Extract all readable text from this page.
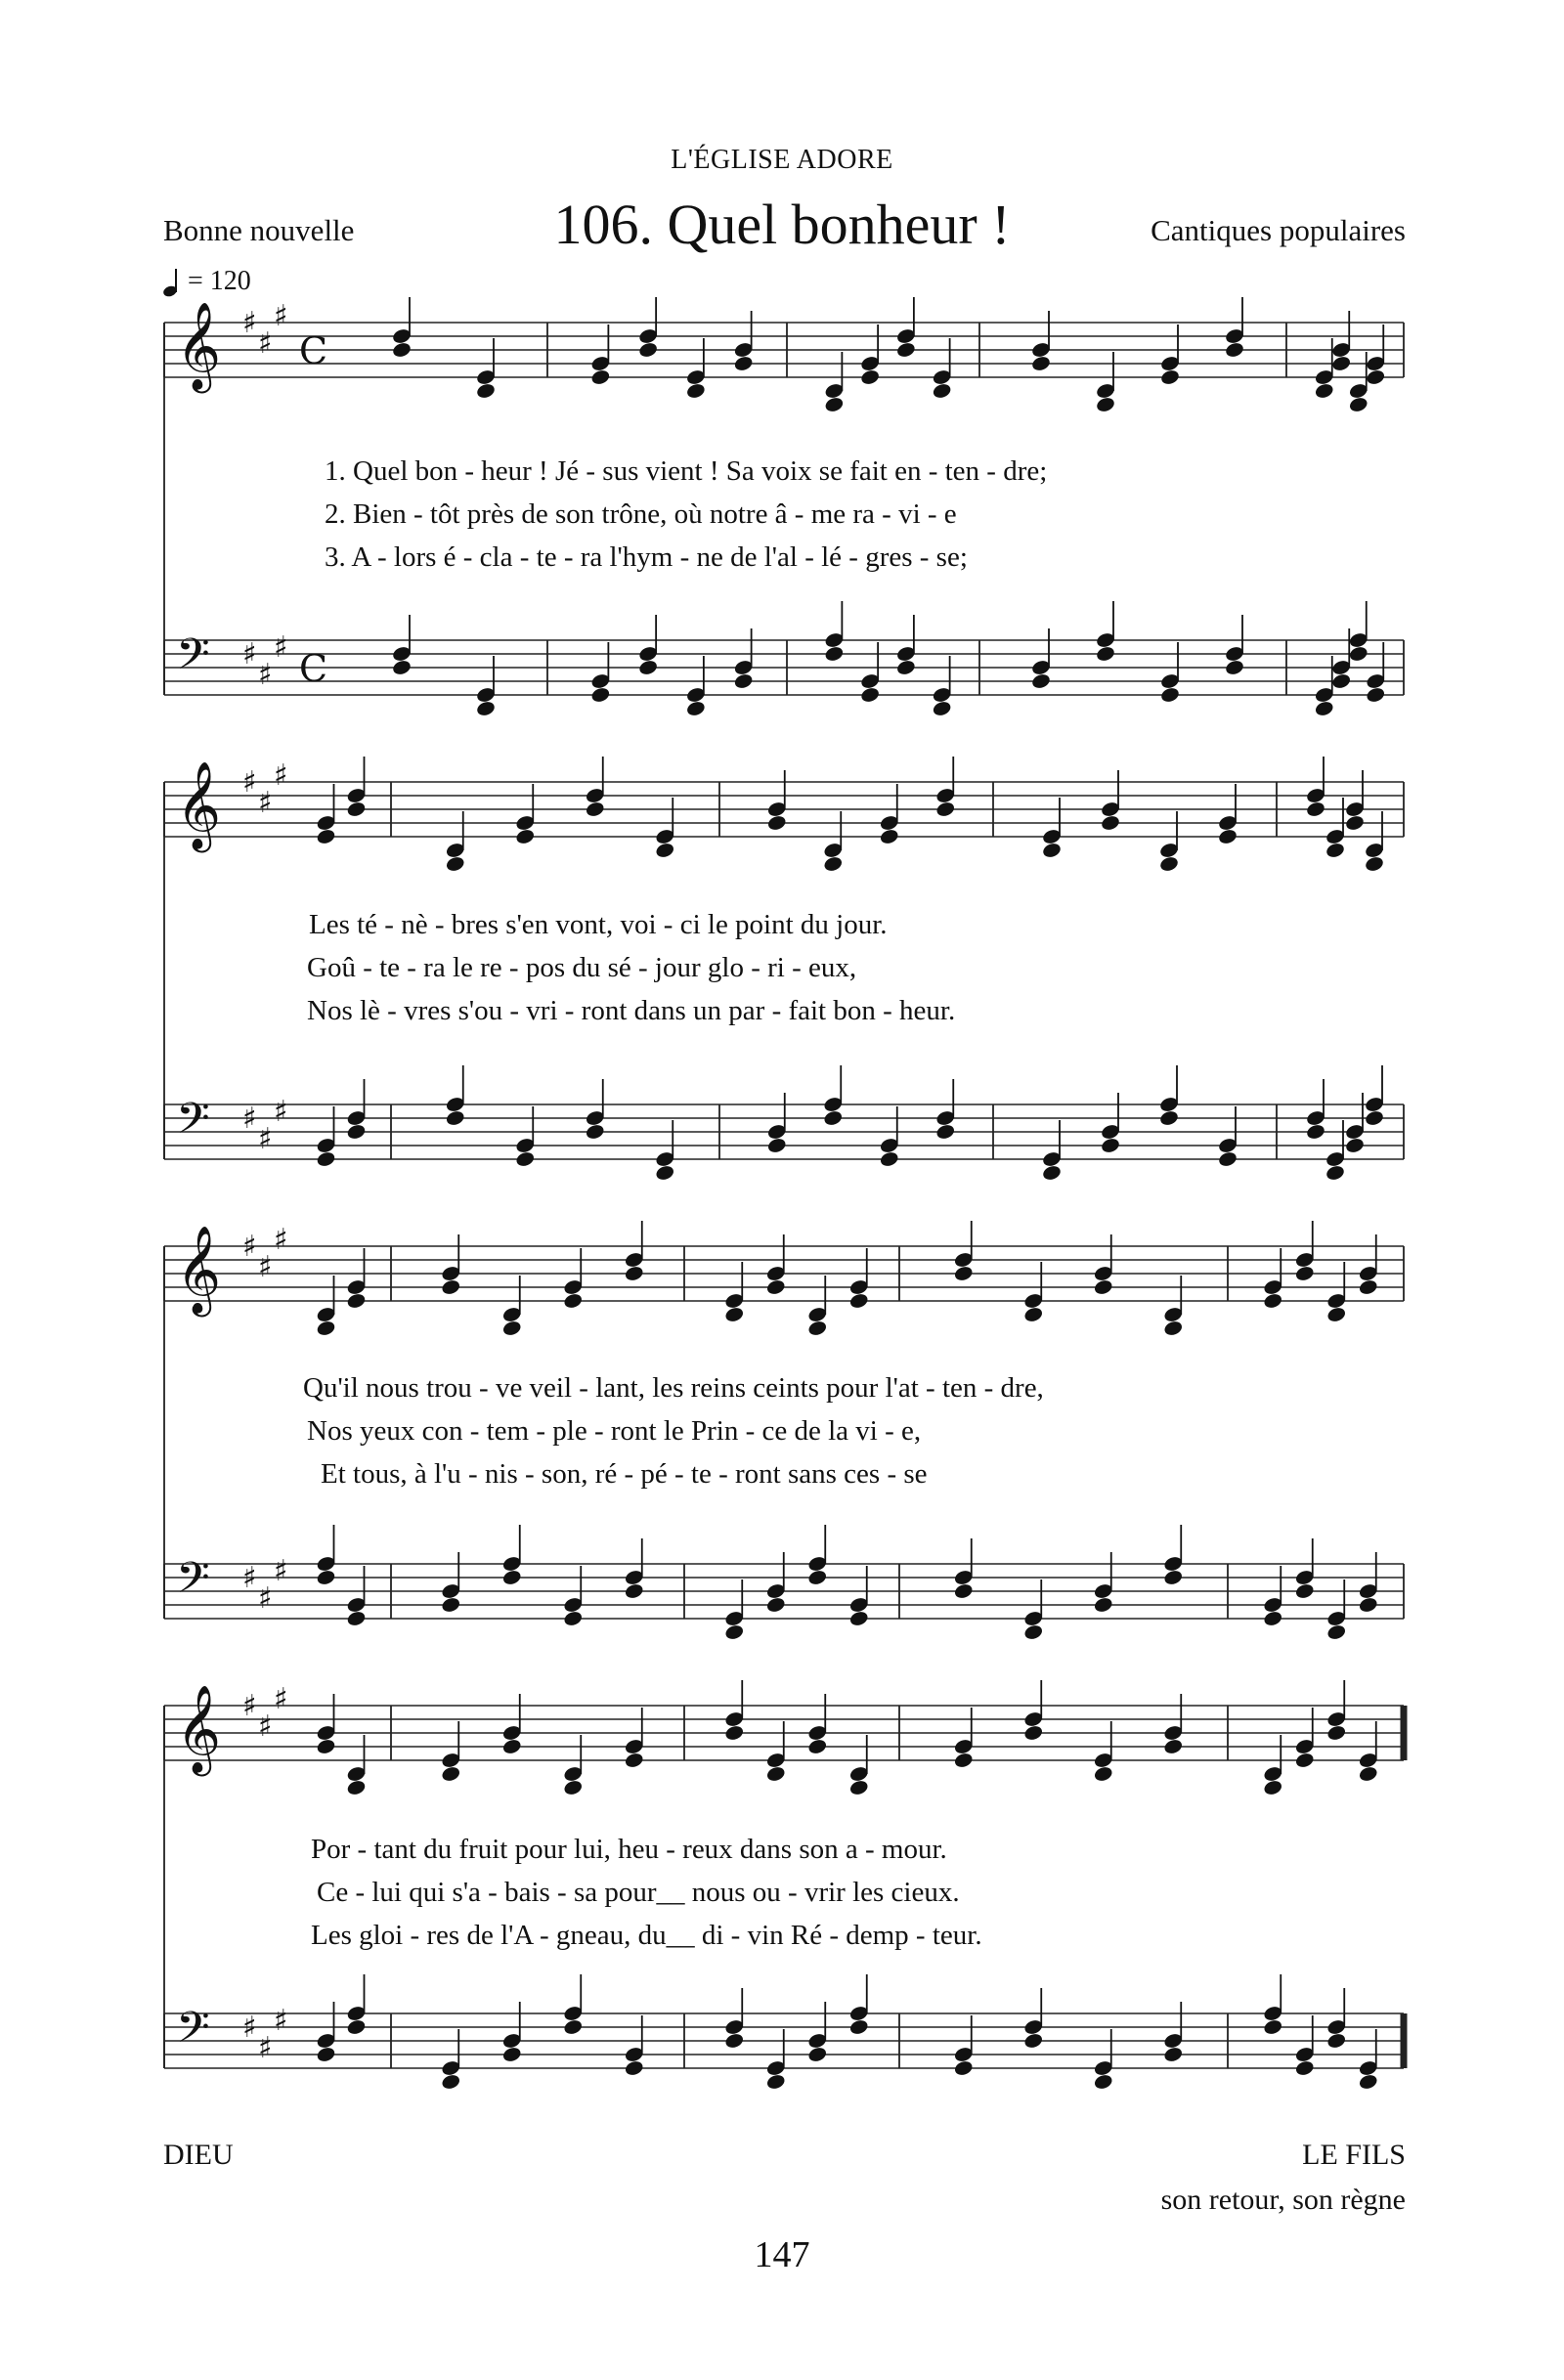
L'ÉGLISE ADORE
Bonne nouvelle	106. Quel bonheur !	Cantiques populaires
= 120
𝄞 ♯
♯
♯
C
𝄢 ♯
♯
♯ C
𝄞 ♯
♯
♯
𝄢 ♯
♯
♯
𝄞 ♯
♯
♯
𝄢 ♯
♯
♯
𝄞 ♯
♯
♯
𝄢 ♯
♯
♯
1. Quel bon - heur ! Jé - sus vient ! Sa voix se fait en - ten - dre;
2. Bien - tôt près de son trône, où notre â - me ra - vi - e
3. A - lors é - cla - te - ra l'hym - ne de l'al - lé - gres - se;
Les té - nè - bres s'en vont, voi - ci le point du jour.
Goû - te - ra le re - pos du sé - jour glo - ri - eux,
Nos lè - vres s'ou - vri - ront dans un par - fait bon - heur.
Qu'il nous trou - ve veil - lant, les reins ceints pour l'at - ten - dre,
Nos yeux con - tem - ple - ront le Prin - ce de la vi - e,
Et tous, à l'u - nis - son, ré - pé - te - ront sans ces - se
Por - tant du fruit pour lui, heu - reux dans son a - mour.
Ce - lui qui s'a - bais - sa pour__ nous ou - vrir les cieux.
Les gloi - res de l'A - gneau, du__ di - vin Ré - demp - teur.
DIEU	LE FILS
son retour, son règne
147
